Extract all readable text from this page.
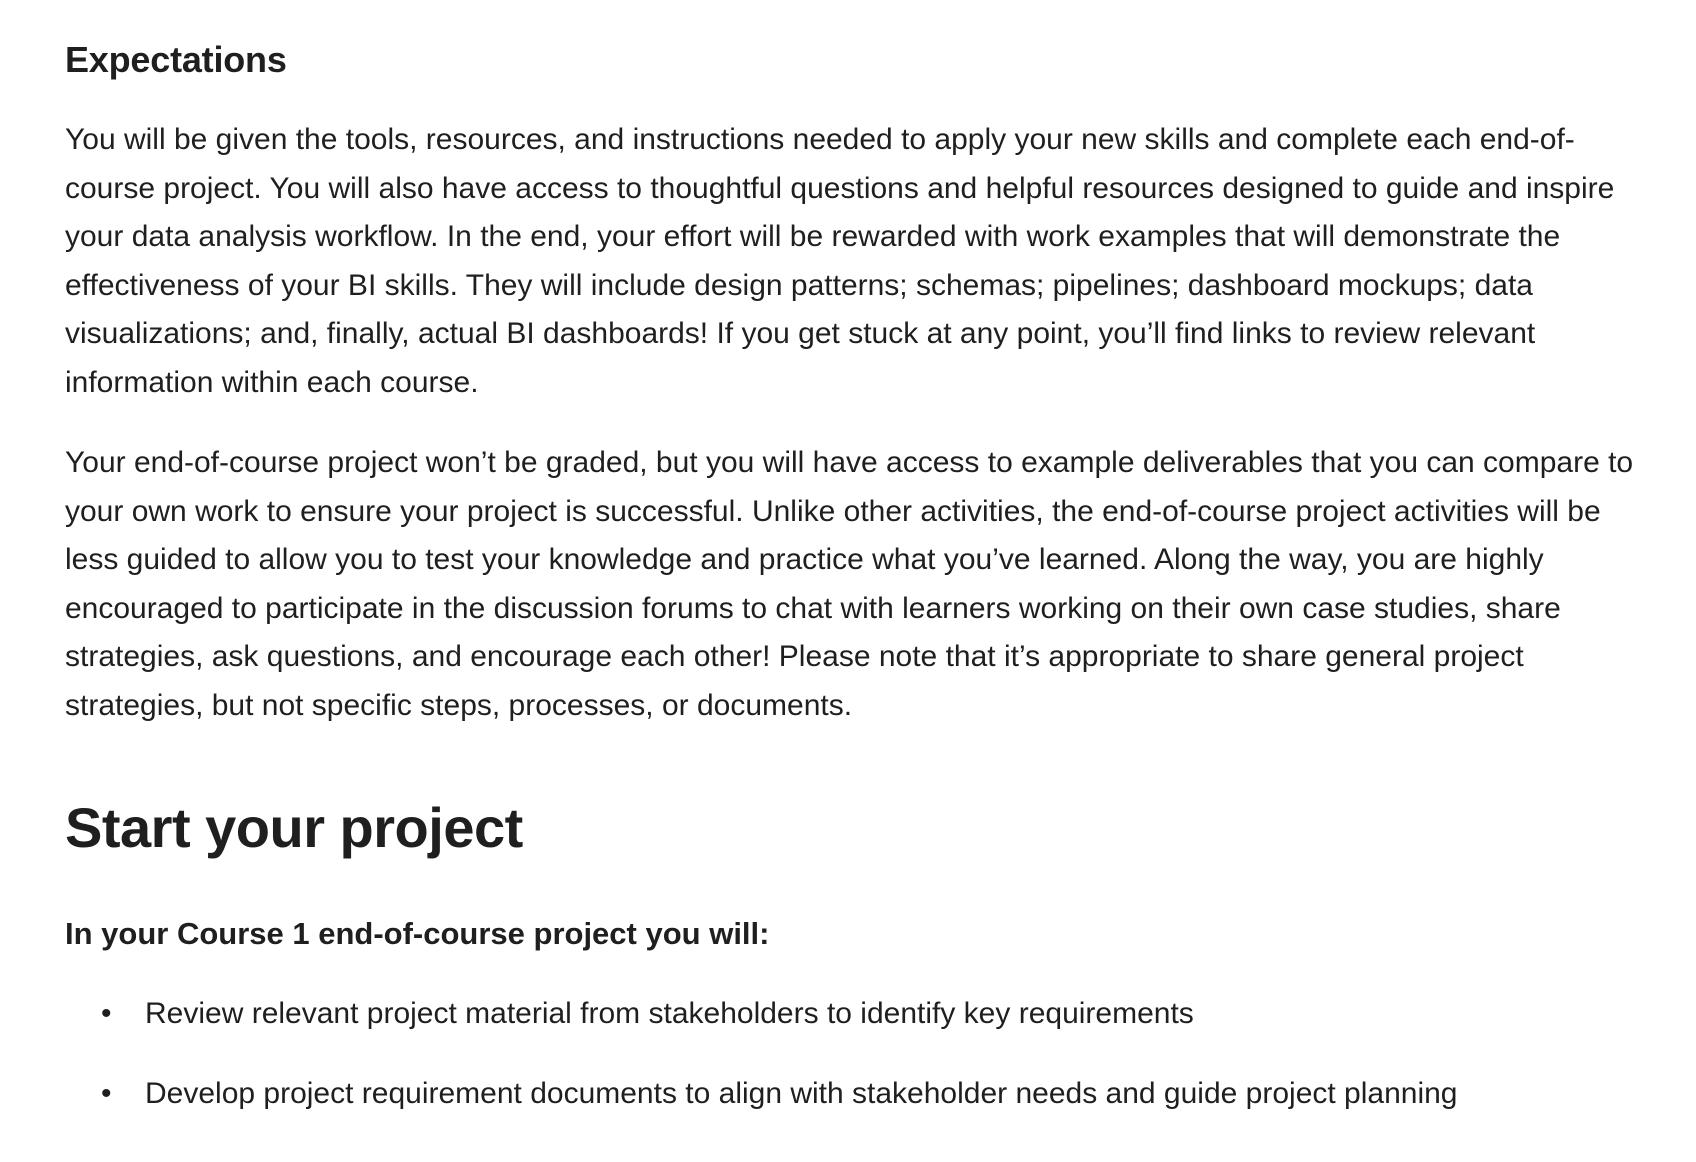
Expectations

You will be given the tools, resources, and instructions needed to apply your new skills and complete each end-of-course project. You will also have access to thoughtful questions and helpful resources designed to guide and inspire your data analysis workflow. In the end, your effort will be rewarded with work examples that will demonstrate the effectiveness of your BI skills. They will include design patterns; schemas; pipelines; dashboard mockups; data visualizations; and, finally, actual BI dashboards! If you get stuck at any point, you’ll find links to review relevant information within each course.

Your end-of-course project won’t be graded, but you will have access to example deliverables that you can compare to your own work to ensure your project is successful. Unlike other activities, the end-of-course project activities will be less guided to allow you to test your knowledge and practice what you’ve learned. Along the way, you are highly encouraged to participate in the discussion forums to chat with learners working on their own case studies, share strategies, ask questions, and encourage each other! Please note that it’s appropriate to share general project strategies, but not specific steps, processes, or documents.

Start your project

In your Course 1 end-of-course project you will:

• Review relevant project material from stakeholders to identify key requirements
• Develop project requirement documents to align with stakeholder needs and guide project planning
